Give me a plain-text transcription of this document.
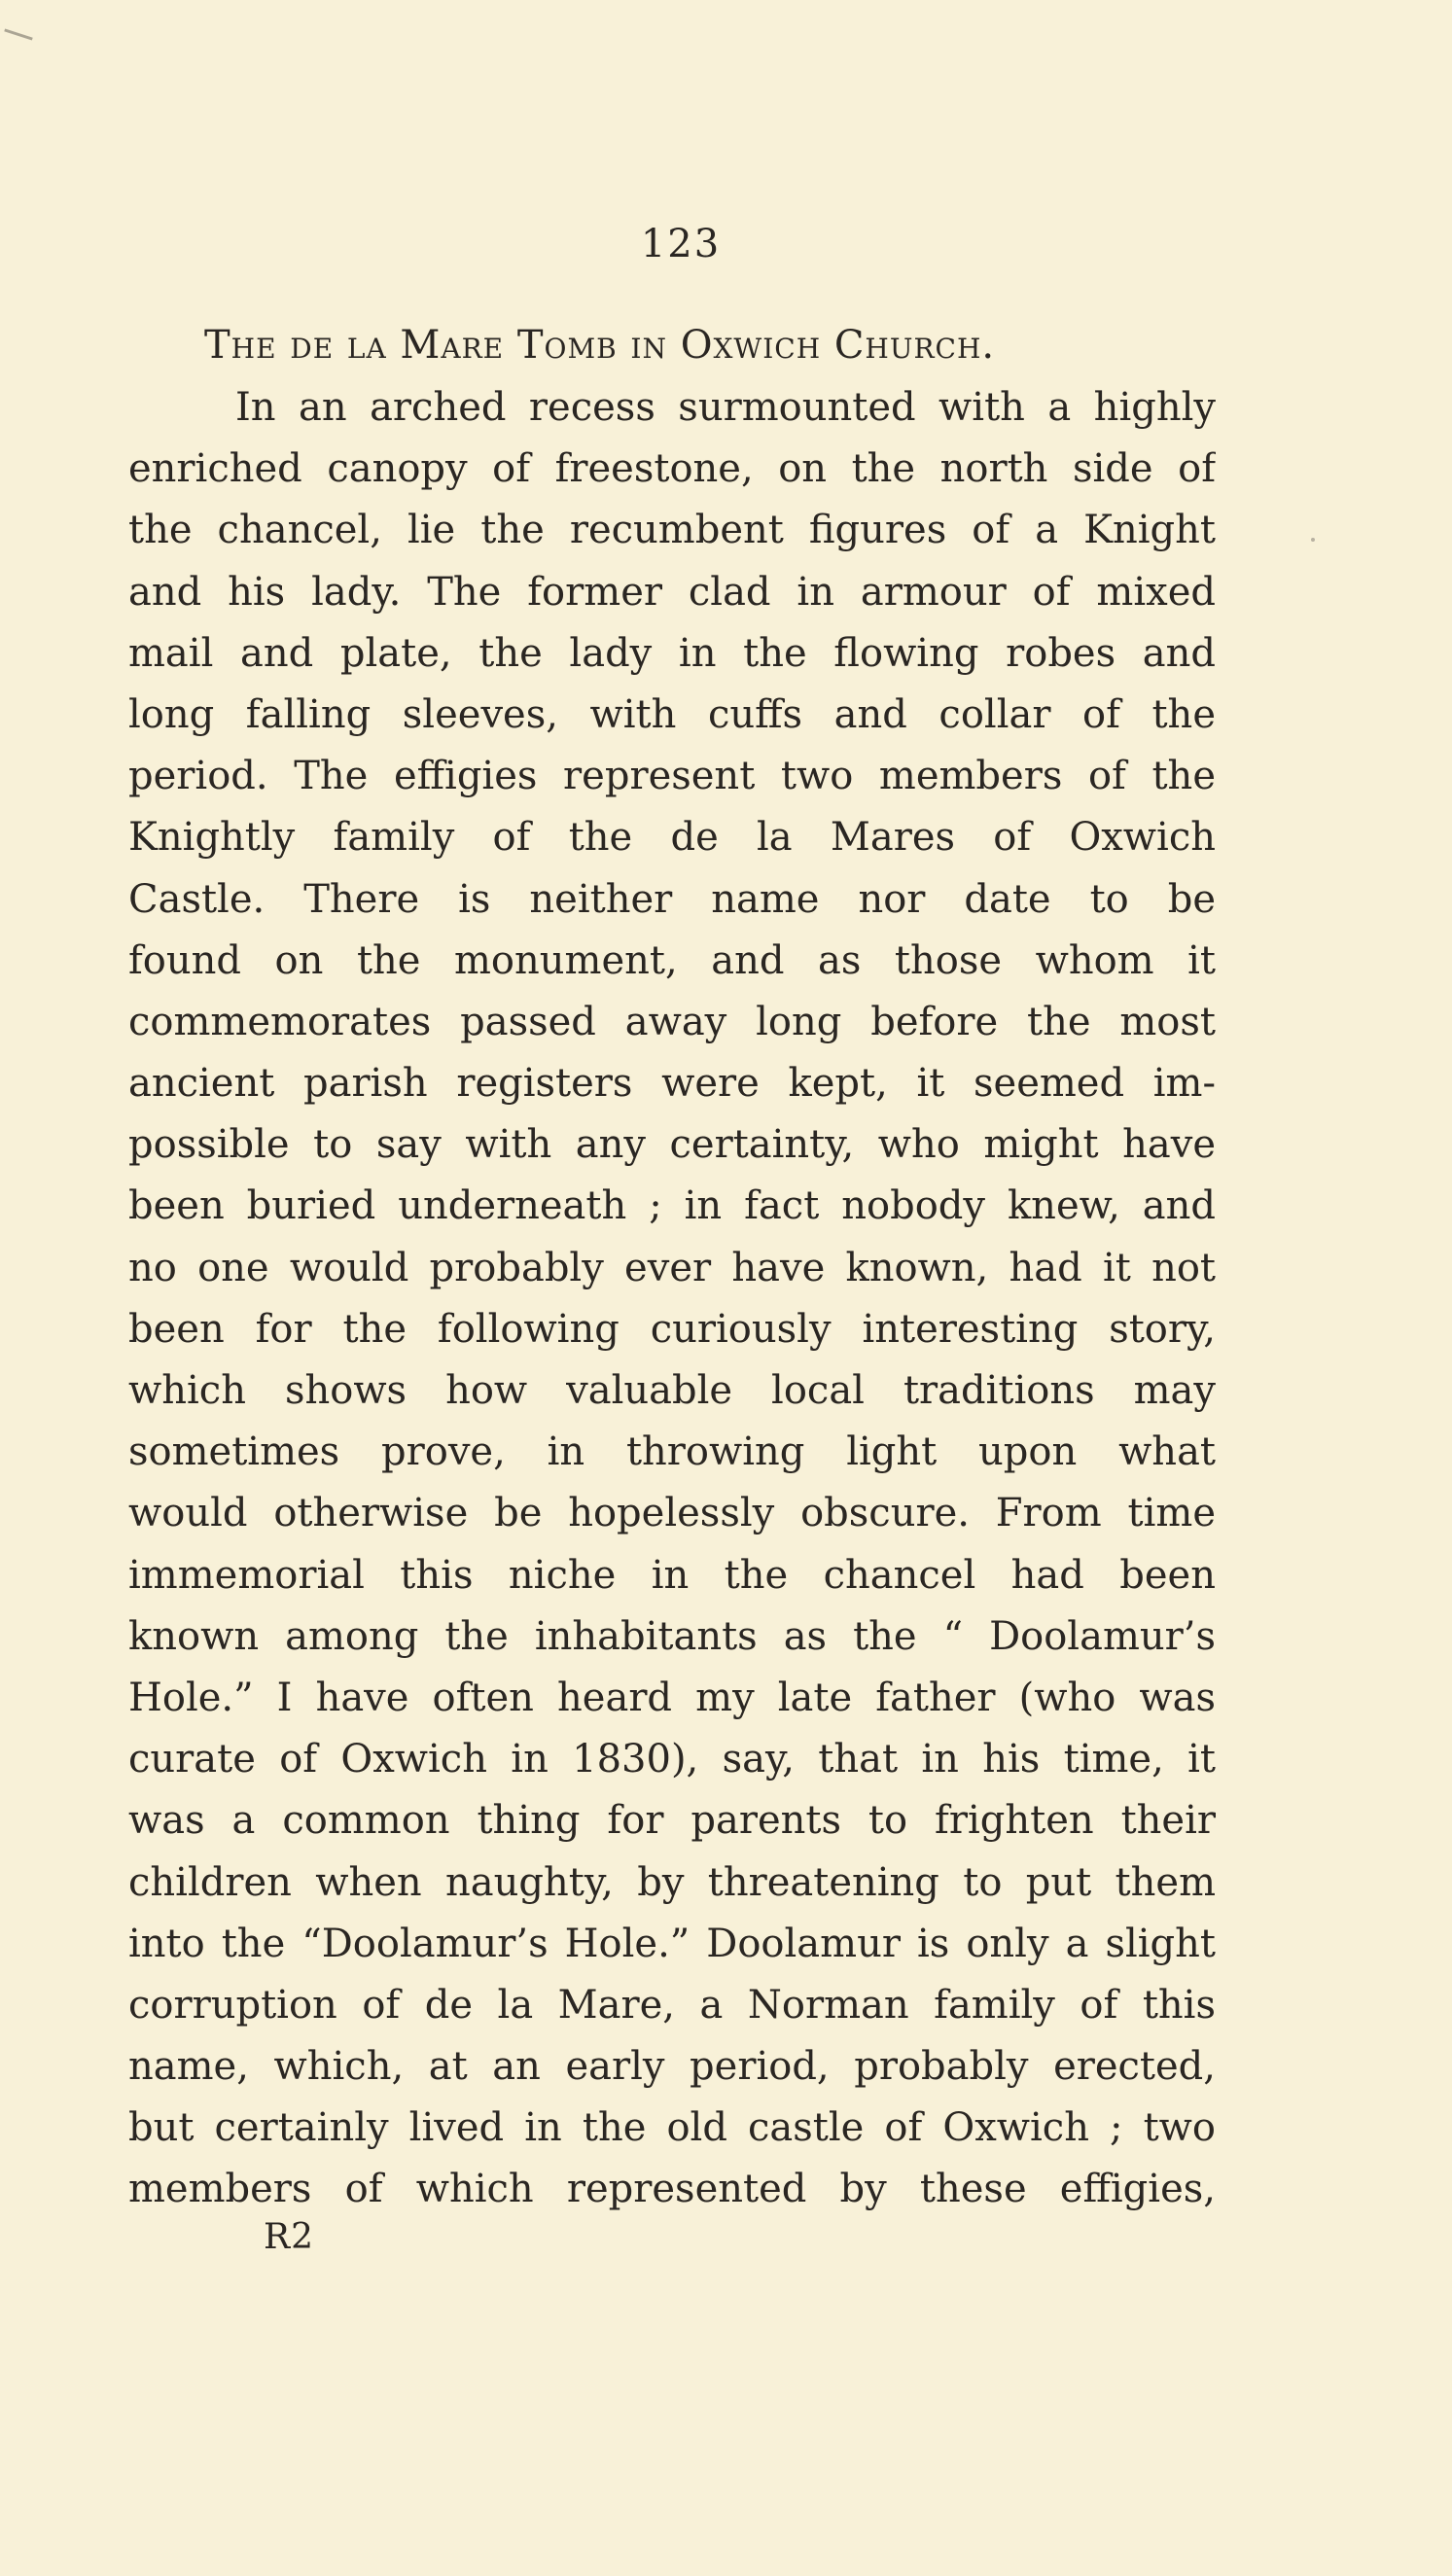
123
The de la Mare Tomb in Oxwich Church.
In an arched recess surmounted with a highly
enriched canopy of freestone, on the north side of
the chancel, lie the recumbent figures of a Knight
and his lady. The former clad in armour of mixed
mail and plate, the lady in the flowing robes and
long falling sleeves, with cuffs and collar of the
period. The effigies represent two members of the
Knightly family of the de la Mares of Oxwich
Castle. There is neither name nor date to be
found on the monument, and as those whom it
commemorates passed away long before the most
ancient parish registers were kept, it seemed im-
possible to say with any certainty, who might have
been buried underneath ; in fact nobody knew, and
no one would probably ever have known, had it not
been for the following curiously interesting story,
which shows how valuable local traditions may
sometimes prove, in throwing light upon what
would otherwise be hopelessly obscure. From time
immemorial this niche in the chancel had been
known among the inhabitants as the “ Doolamur’s
Hole.” I have often heard my late father (who was
curate of Oxwich in 1830), say, that in his time, it
was a common thing for parents to frighten their
children when naughty, by threatening to put them
into the “Doolamur’s Hole.” Doolamur is only a slight
corruption of de la Mare, a Norman family of this
name, which, at an early period, probably erected,
but certainly lived in the old castle of Oxwich ; two
members of which represented by these effigies,
R2
